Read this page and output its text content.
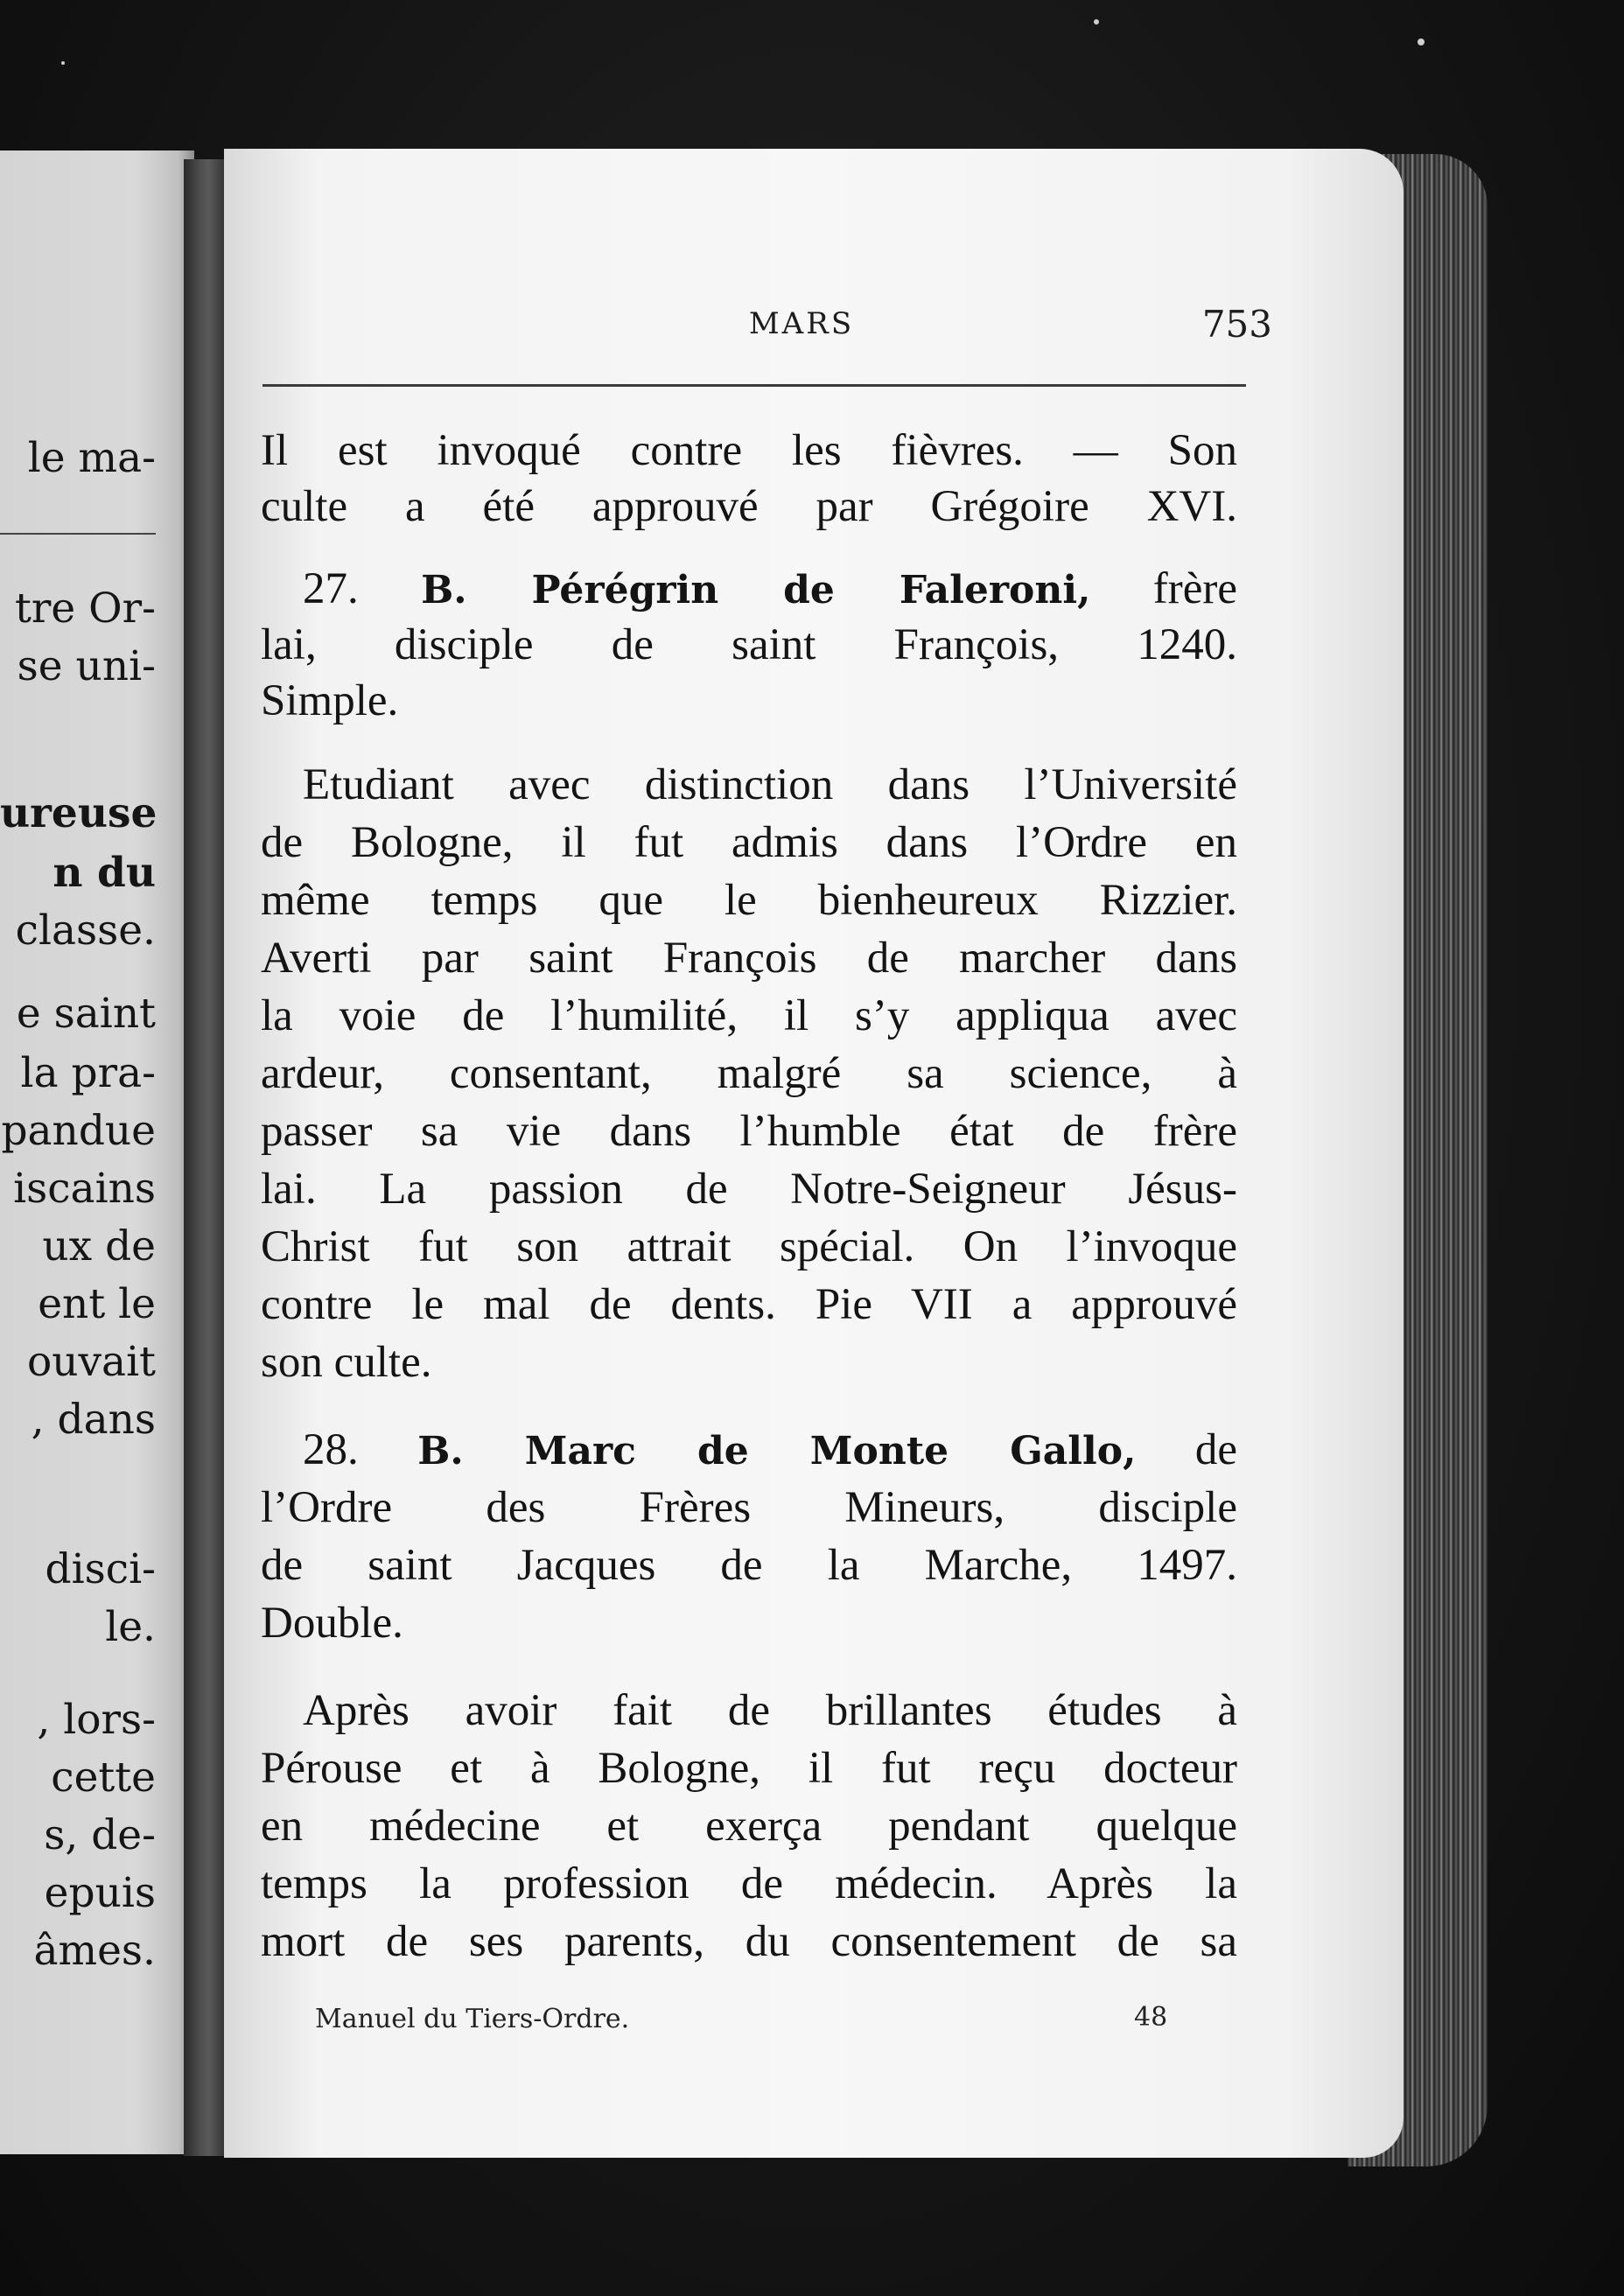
le ma-
tre Or-
se uni-
ureuse
n du
classe.
e saint
la pra-
pandue
iscains
ux de
ent le
ouvait
, dans
disci-
le.
, lors-
cette
s, de-
epuis
âmes.
MARS	753
Il est invoqué contre les fièvres. — Son
culte a été approuvé par Grégoire XVI.
27. B. Pérégrin de Faleroni, frère
lai, disciple de saint François, 1240.
Simple.
Etudiant avec distinction dans l’Université
de Bologne, il fut admis dans l’Ordre en
même temps que le bienheureux Rizzier.
Averti par saint François de marcher dans
la voie de l’humilité, il s’y appliqua avec
ardeur, consentant, malgré sa science, à
passer sa vie dans l’humble état de frère
lai. La passion de Notre-Seigneur Jésus-
Christ fut son attrait spécial. On l’invoque
contre le mal de dents. Pie VII a approuvé
son culte.
28. B. Marc de Monte Gallo, de
l’Ordre des Frères Mineurs, disciple
de saint Jacques de la Marche, 1497.
Double.
Après avoir fait de brillantes études à
Pérouse et à Bologne, il fut reçu docteur
en médecine et exerça pendant quelque
temps la profession de médecin. Après la
mort de ses parents, du consentement de sa
Manuel du Tiers-Ordre.	48
